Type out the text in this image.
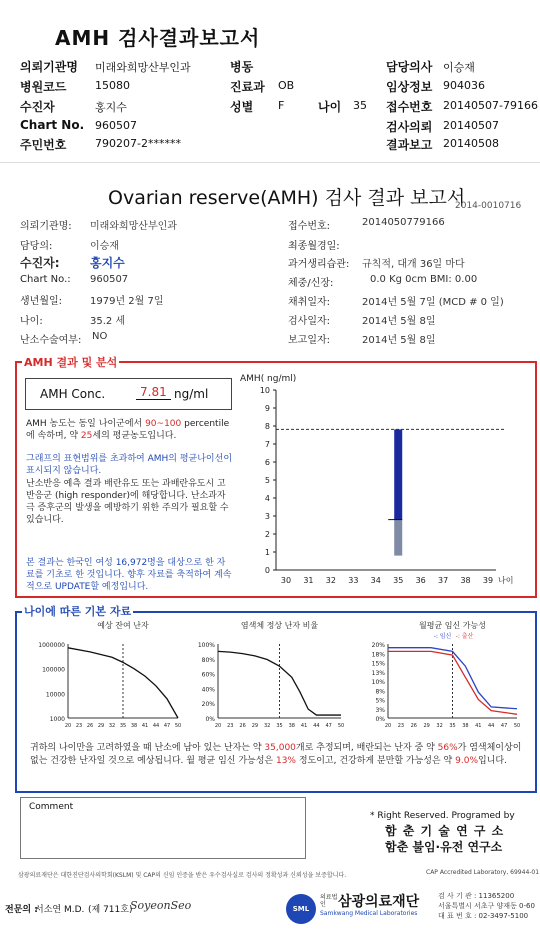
AMH 검사결과보고서
의뢰기관명 미래와희망산부인과
병원코드	15080
수진자	홍지수
Chart No. 960507
주민번호	790207-2******
병동
진료과 OB
성별 F	나이 35
담당의사 이승재
임상정보 904036
접수번호 20140507-79166
검사의뢰 20140507
결과보고 20140508
Ovarian reserve(AMH) 검사 결과 보고서
2014-0010716
의뢰기관명: 미래와희망산부인과
담당의:	이승재
수진자:	홍지수
Chart No.: 960507
생년월일:	1979년 2월 7일
나이:	35.2 세
난소수술여부: NO
접수번호:	2014050779166
최종월경일:
과거생리습관: 규칙적, 대개 36일 마다
체중/신장:	0.0 Kg 0cm BMI: 0.00
채취일자:	2014년 5월 7일 (MCD # 0 일)
검사일자:	2014년 5월 8일
보고일자:	2014년 5월 8일
AMH 결과 및 분석
AMH Conc.	7.81 ng/ml
AMH 농도는 동일 나이군에서 90~100 percentile에 속하며, 약 25세의 평균농도입니다.
그래프의 표현범위를 초과하여 AMH의 평균나이선이 표시되지 않습니다.
난소반응 예측 결과 배란유도 또는 과배란유도시 고반응군 (high responder)에 해당합니다. 난소과자극 증후군의 발생을 예방하기 위한 주의가 필요할 수 있습니다.
본 결과는 한국인 여성 16,972명을 대상으로 한 자료를 기초로 한 것입니다. 향후 자료를 축적하여 계속적으로 UPDATE할 예정입니다.
AMH( ng/ml)
0
1
2
3
4
5
6
7
8
9
10
30 31 32 33 34 35 36 37 38 39 나이
나이에 따른 기본 자료
예상 잔여 난자
1000000
100000
10000
1000
20 23 26 29 32 35 38 41 44 47 50
염색체 정상 난자 비율
100%
80%
60%
40%
20%
0%
20 23 26 29 32 35 38 41 44 47 50
월평균 임신 가능성
20%
18%
15%
13%
10%
8%
5%
3%
0%
20 23 26 29 32 35 38 41 44 47 50
-: 임신 -: 출산
귀하의 나이만을 고려하였을 때 난소에 남아 있는 난자는 약 35,000개로 추정되며, 배란되는 난자 중 약 56%가 염색체이상이 없는 건강한 난자일 것으로 예상됩니다. 월 평균 임신 가능성은 13% 정도이고, 건강하게 분만할 가능성은 약 9.0%입니다.
Comment
* Right Reserved. Programed by
함 춘 기 술 연 구 소
함춘 불임·유전 연구소
삼광의료재단은 대한진단검사의학회(KSLM) 및 CAP의 신임 인증을 받은 우수검사실로 검사의 정확성과 신뢰성을 보증합니다.	CAP Accredited Laboratory, 69944-01
전문의 :
서소연 M.D. (제 711호)
SoyeonSeo	SML
의료법인 삼광의료재단
Samkwang Medical Laboratories
검 사 기 관 : 11365200
서울특별시 서초구 양재동 0-60
대 표 번 호 : 02-3497-5100
